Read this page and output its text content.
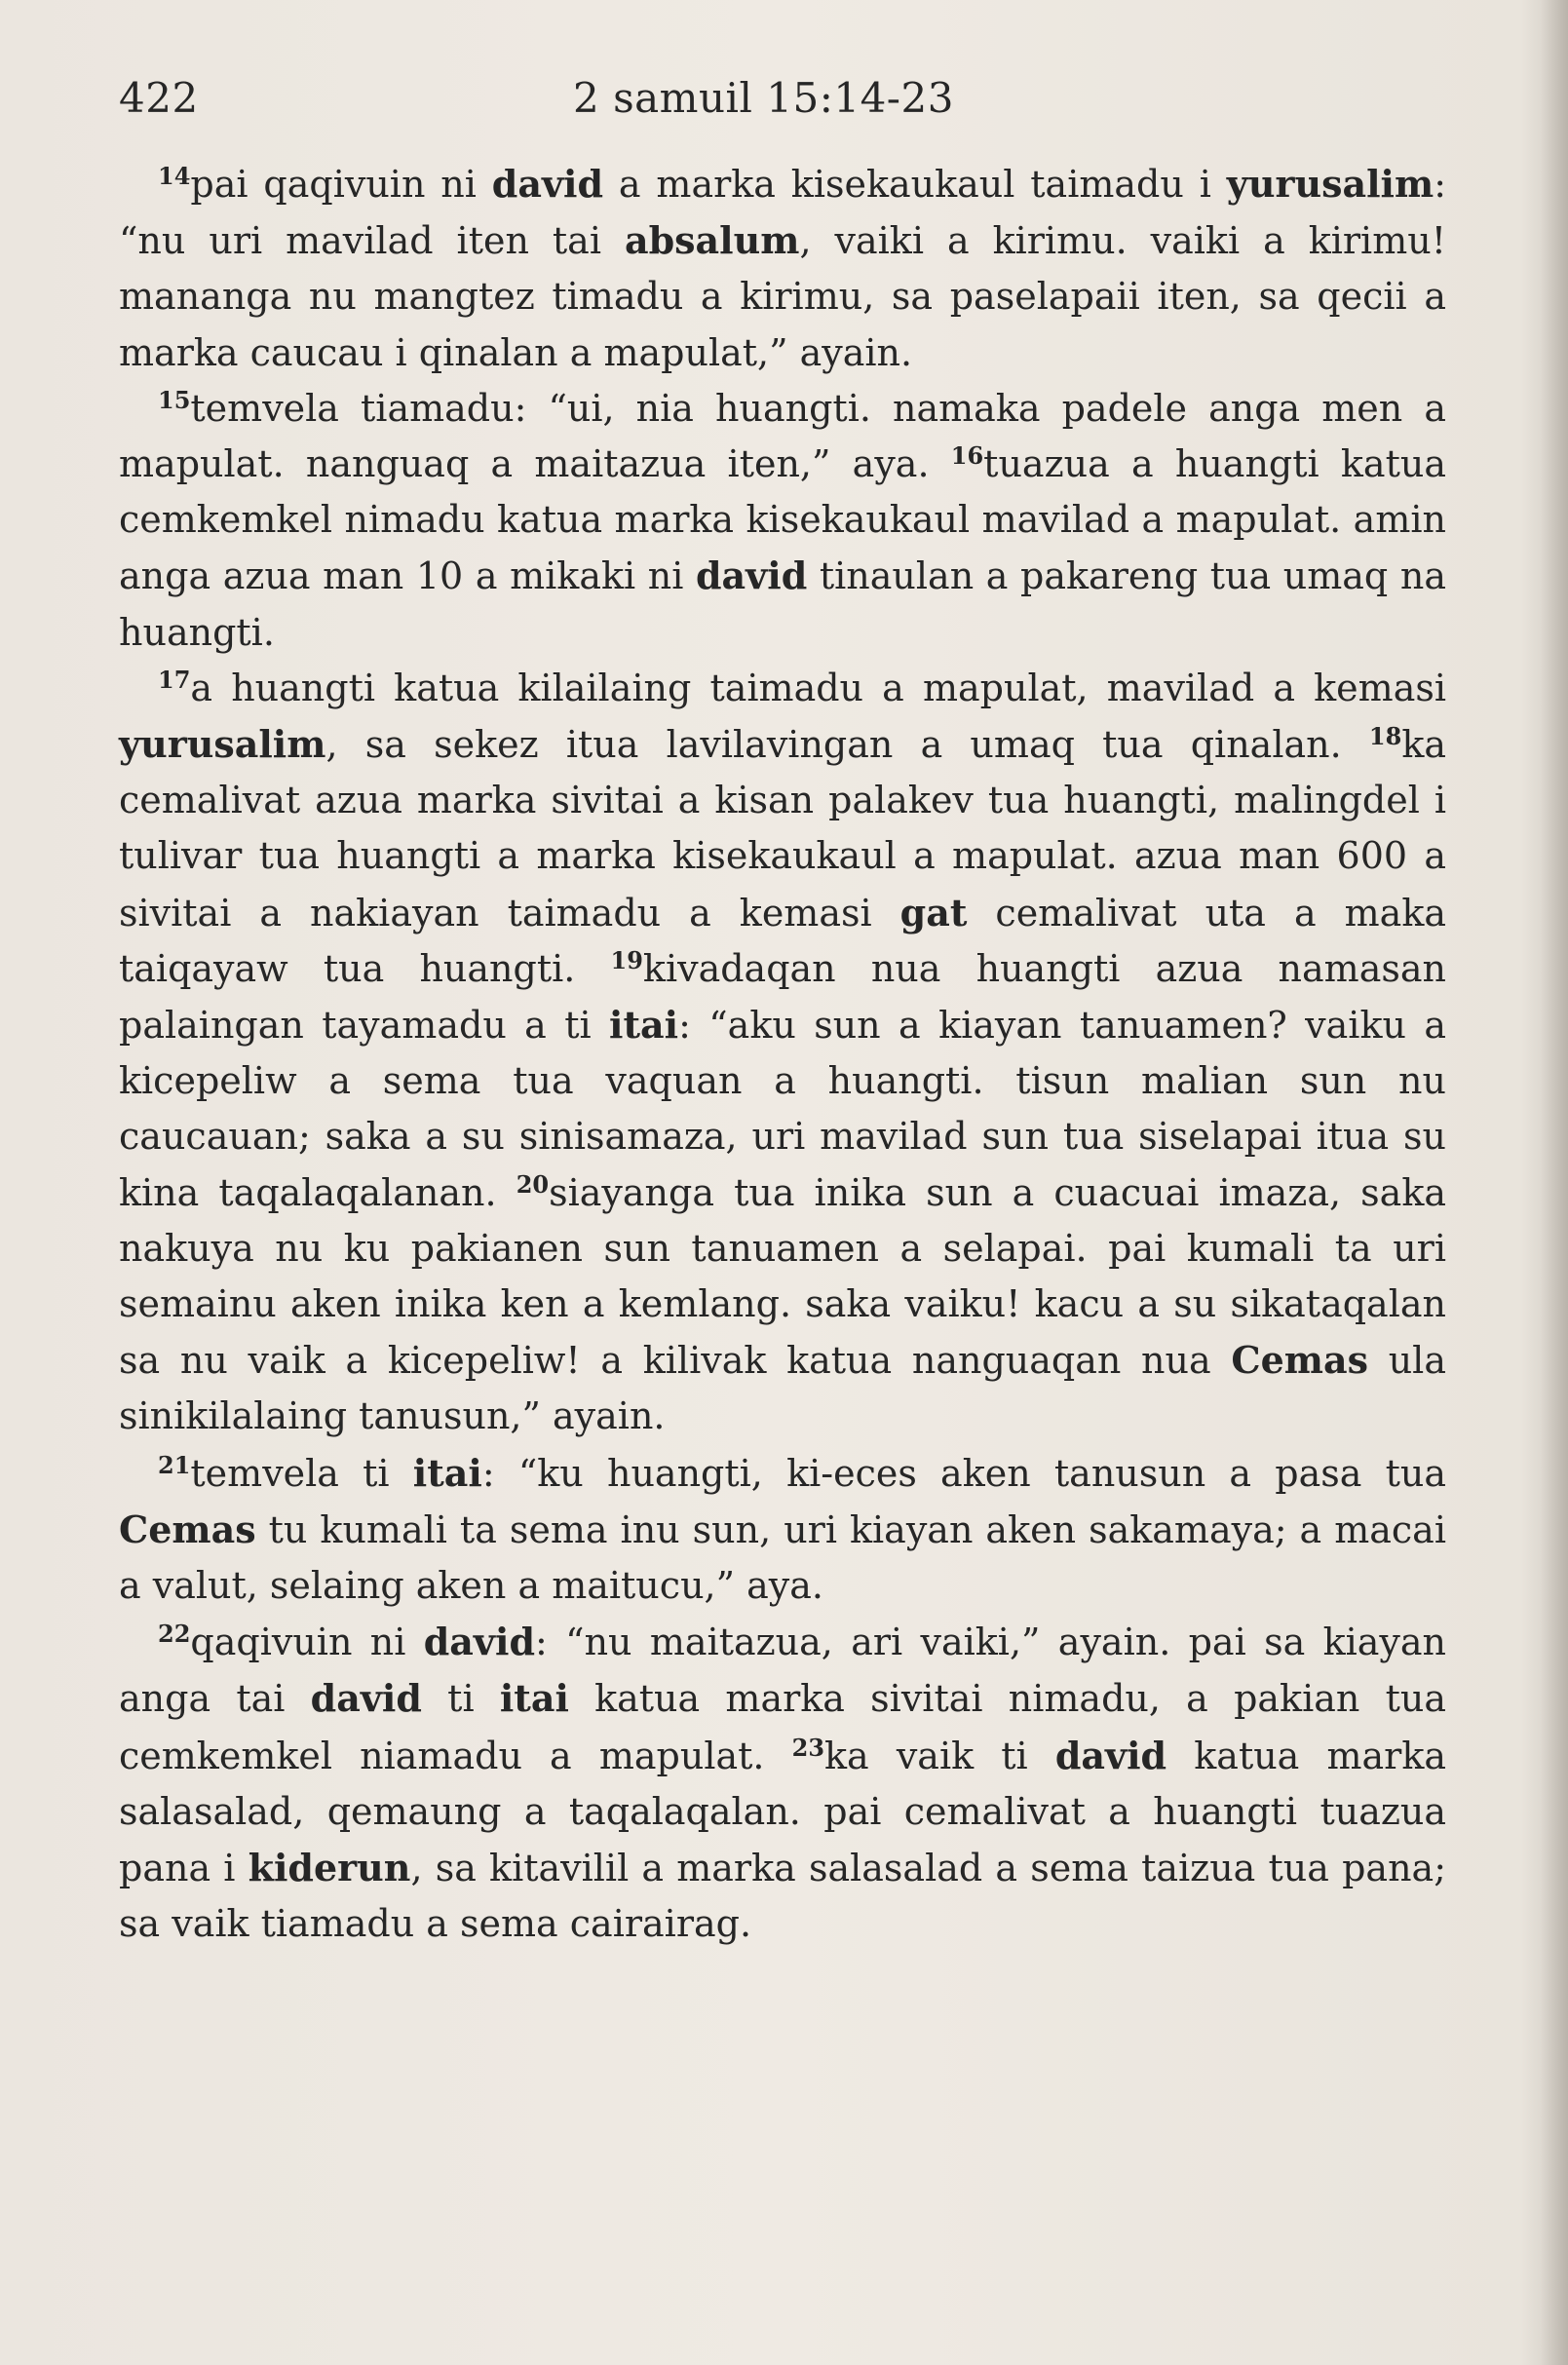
422	2 samuil 15:14-23

$^{14}$pai qaqivuin ni david a marka kisekaukaul taimadu i yurusalim: “nu uri mavilad iten tai absalum, vaiki a kirimu. vaiki a kirimu! mananga nu mangtez timadu a kirimu, sa paselapaii iten, sa qecii a marka caucau i qinalan a mapulat,” ayain.

$^{15}$temvela tiamadu: “ui, nia huangti. namaka padele anga men a mapulat. nanguaq a maitazua iten,” aya. $^{16}$tuazua a huangti katua cemkemkel nimadu katua marka kisekaukaul mavilad a mapulat. amin anga azua man 10 a mikaki ni david tinaulan a pakareng tua umaq na huangti.

$^{17}$a huangti katua kilailaing taimadu a mapulat, mavilad a kemasi yurusalim, sa sekez itua lavilavingan a umaq tua qinalan. $^{18}$ka cemalivat azua marka sivitai a kisan palakev tua huangti, malingdel i tulivar tua huangti a marka kisekaukaul a mapulat. azua man 600 a sivitai a nakiayan taimadu a kemasi gat cemalivat uta a maka taiqayaw tua huangti. $^{19}$kivadaqan nua huangti azua namasan palaingan tayamadu a ti itai: “aku sun a kiayan tanuamen? vaiku a kicepeliw a sema tua vaquan a huangti. tisun malian sun nu caucauan; saka a su sinisamaza, uri mavilad sun tua siselapai itua su kina taqalaqalanan. $^{20}$siayanga tua inika sun a cuacuai imaza, saka nakuya nu ku pakianen sun tanuamen a selapai. pai kumali ta uri semainu aken inika ken a kemlang. saka vaiku! kacu a su sikataqalan sa nu vaik a kicepeliw! a kilivak katua nanguaqan nua Cemas ula sinikilalaing tanusun,” ayain.

$^{21}$temvela ti itai: “ku huangti, ki-eces aken tanusun a pasa tua Cemas tu kumali ta sema inu sun, uri kiayan aken sakamaya; a macai a valut, selaing aken a maitucu,” aya.

$^{22}$qaqivuin ni david: “nu maitazua, ari vaiki,” ayain. pai sa kiayan anga tai david ti itai katua marka sivitai nimadu, a pakian tua cemkemkel niamadu a mapulat. $^{23}$ka vaik ti david katua marka salasalad, qemaung a taqalaqalan. pai cemalivat a huangti tuazua pana i kiderun, sa kitavilil a marka salasalad a sema taizua tua pana; sa vaik tiamadu a sema cairairag.
